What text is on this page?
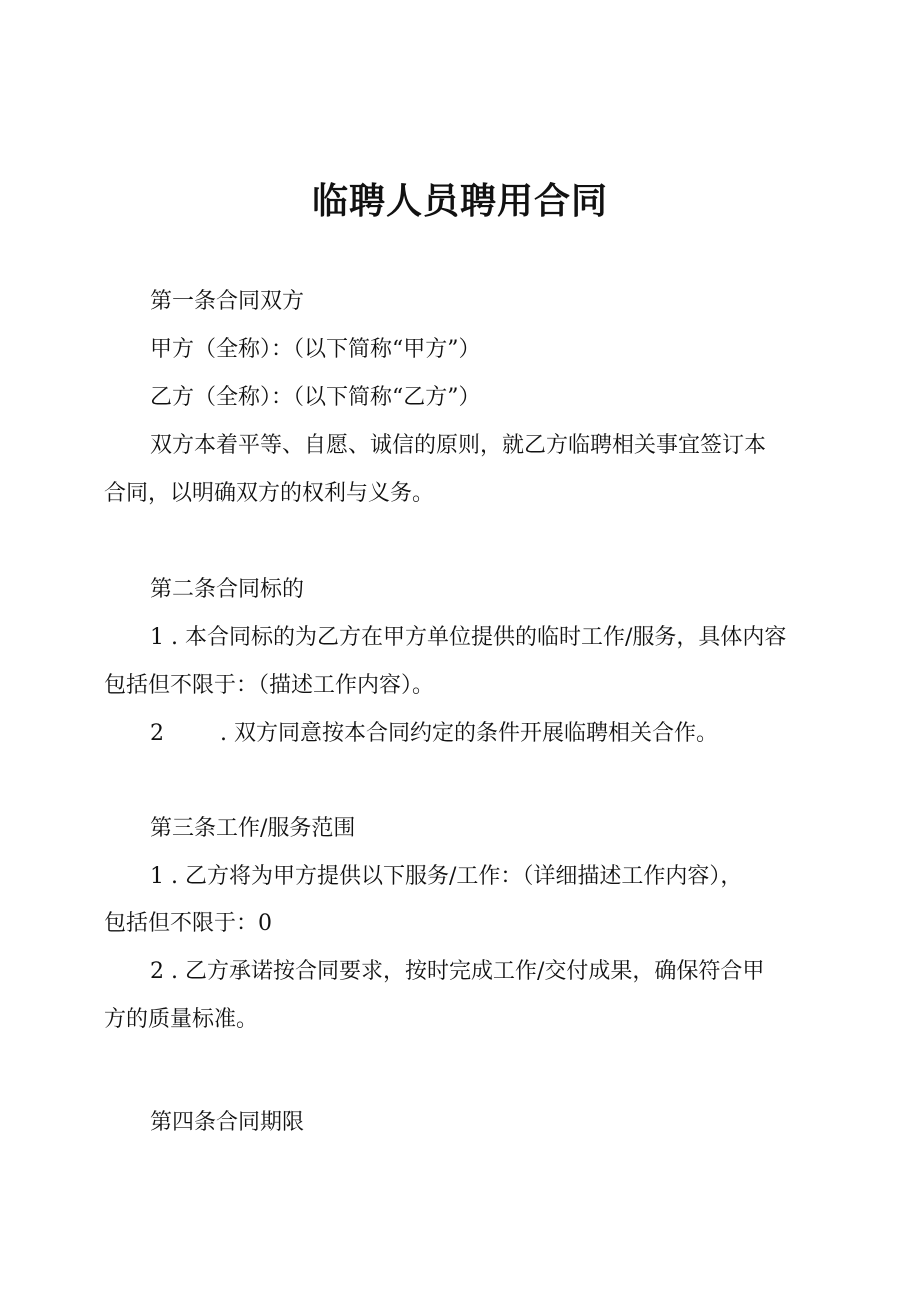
临聘人员聘用合同

第一条合同双方

甲方（全称）：（以下简称“甲方”）

乙方（全称）：（以下简称“乙方”）

双方本着平等、自愿、诚信的原则，就乙方临聘相关事宜签订本

合同，以明确双方的权利与义务。

第二条合同标的

1 . 本合同标的为乙方在甲方单位提供的临时工作/服务，具体内容

包括但不限于：（描述工作内容）。

2	. 双方同意按本合同约定的条件开展临聘相关合作。

第三条工作/服务范围

1 . 乙方将为甲方提供以下服务/工作：（详细描述工作内容），

包括但不限于：0

2 . 乙方承诺按合同要求，按时完成工作/交付成果，确保符合甲

方的质量标准。

第四条合同期限
